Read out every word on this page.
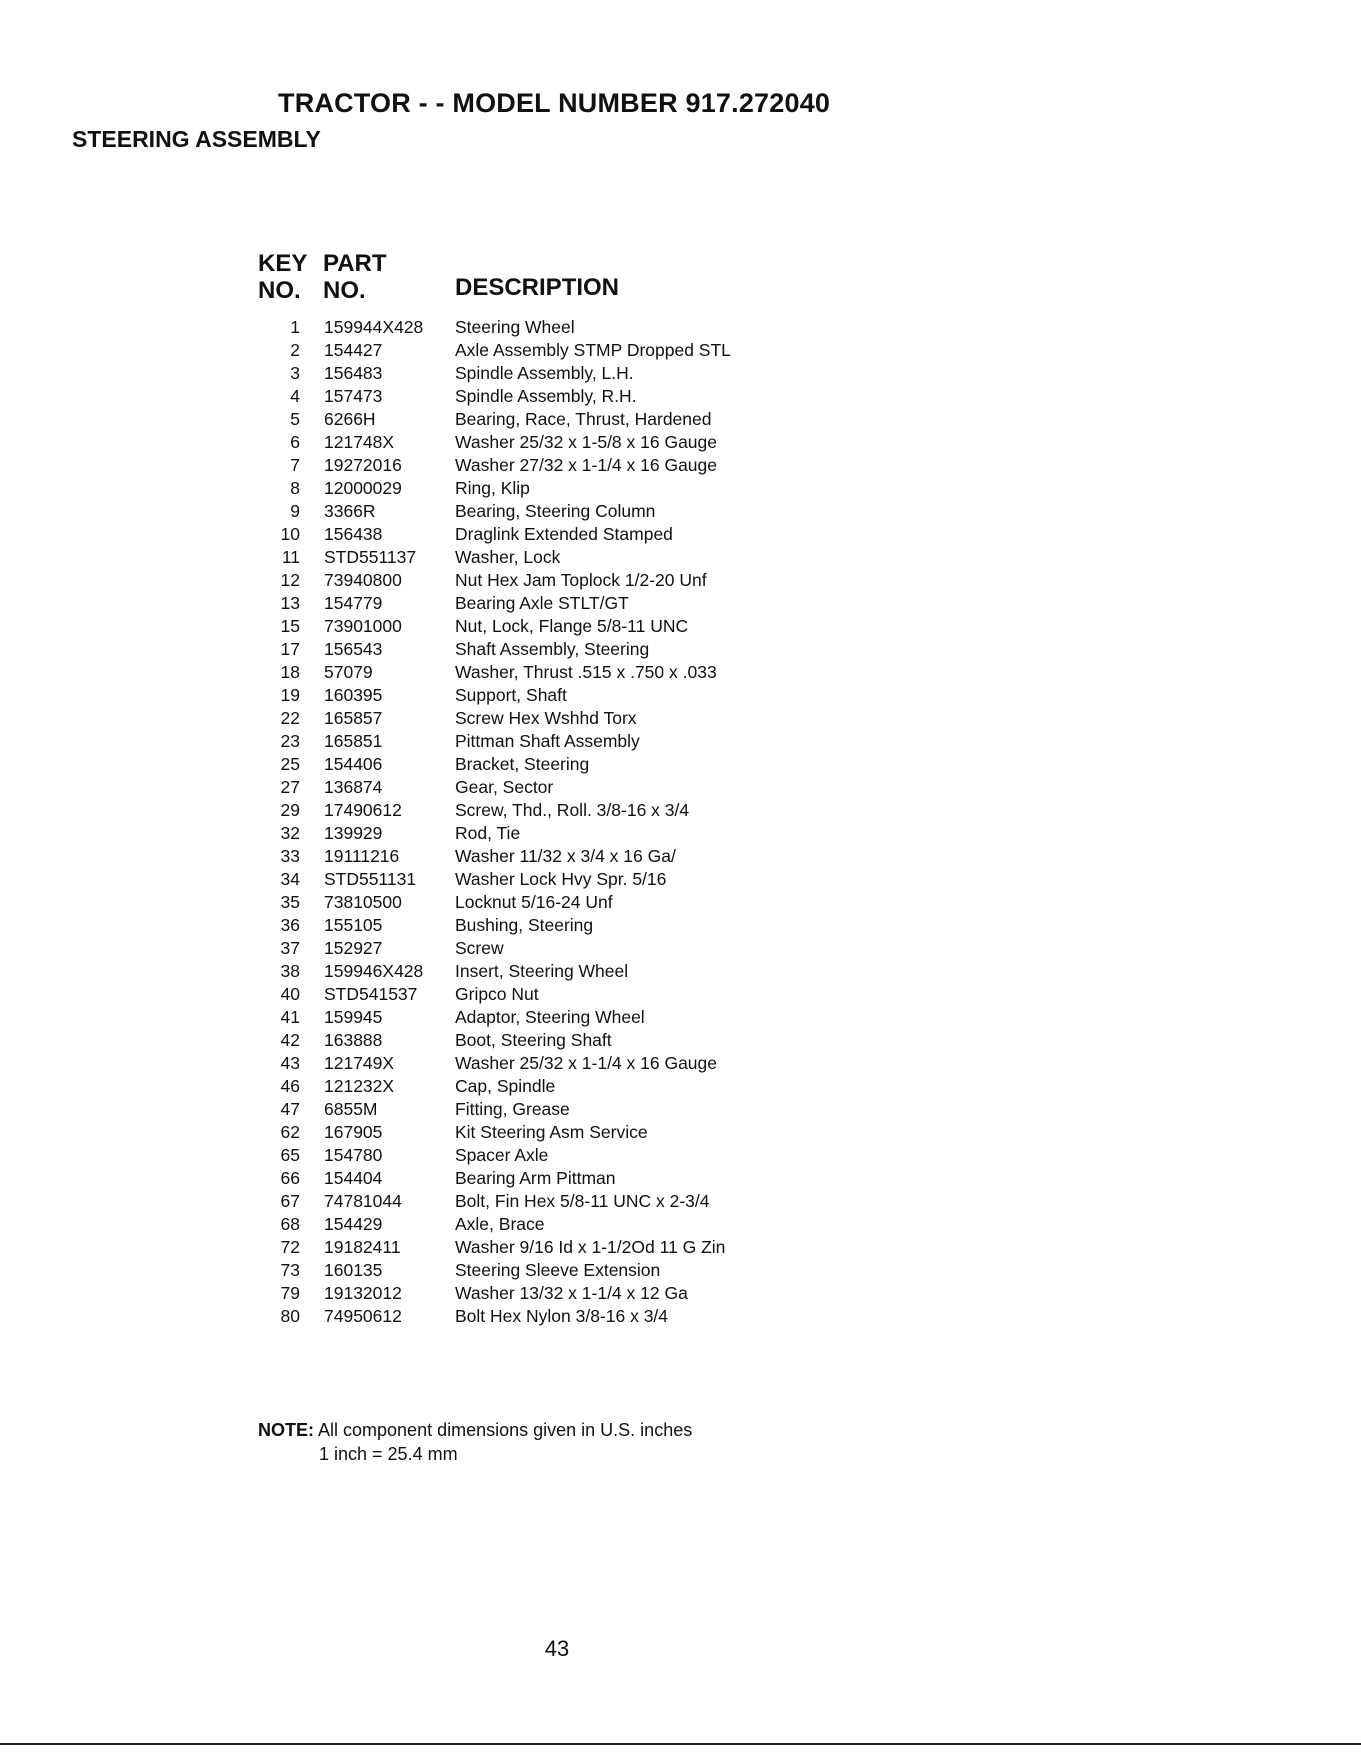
TRACTOR - - MODEL NUMBER 917.272040
STEERING ASSEMBLY
KEY
NO.
PART
NO.	DESCRIPTION
1 159944X428 Steering Wheel
2 154427	Axle Assembly STMP Dropped STL
3 156483	Spindle Assembly, L.H.
4 157473	Spindle Assembly, R.H.
5 6266H	Bearing, Race, Thrust, Hardened
6 121748X	Washer 25/32 x 1-5/8 x 16 Gauge
7 19272016	Washer 27/32 x 1-1/4 x 16 Gauge
8 12000029	Ring, Klip
9 3366R	Bearing, Steering Column
10 156438	Draglink Extended Stamped
11 STD551137 Washer, Lock
12 73940800	Nut Hex Jam Toplock 1/2-20 Unf
13 154779	Bearing Axle STLT/GT
15 73901000	Nut, Lock, Flange 5/8-11 UNC
17 156543	Shaft Assembly, Steering
18 57079	Washer, Thrust .515 x .750 x .033
19 160395	Support, Shaft
22 165857	Screw Hex Wshhd Torx
23 165851	Pittman Shaft Assembly
25 154406	Bracket, Steering
27 136874	Gear, Sector
29 17490612	Screw, Thd., Roll. 3/8-16 x 3/4
32 139929	Rod, Tie
33 19111216	Washer 11/32 x 3/4 x 16 Ga/
34 STD551131 Washer Lock Hvy Spr. 5/16
35 73810500	Locknut 5/16-24 Unf
36 155105	Bushing, Steering
37 152927	Screw
38 159946X428 Insert, Steering Wheel
40 STD541537 Gripco Nut
41 159945	Adaptor, Steering Wheel
42 163888	Boot, Steering Shaft
43 121749X	Washer 25/32 x 1-1/4 x 16 Gauge
46 121232X	Cap, Spindle
47 6855M	Fitting, Grease
62 167905	Kit Steering Asm Service
65 154780	Spacer Axle
66 154404	Bearing Arm Pittman
67 74781044	Bolt, Fin Hex 5/8-11 UNC x 2-3/4
68 154429	Axle, Brace
72 19182411	Washer 9/16 Id x 1-1/2Od 11 G Zin
73 160135	Steering Sleeve Extension
79 19132012	Washer 13/32 x 1-1/4 x 12 Ga
80 74950612	Bolt Hex Nylon 3/8-16 x 3/4
NOTE: All component dimensions given in U.S. inches
1 inch = 25.4 mm
43
